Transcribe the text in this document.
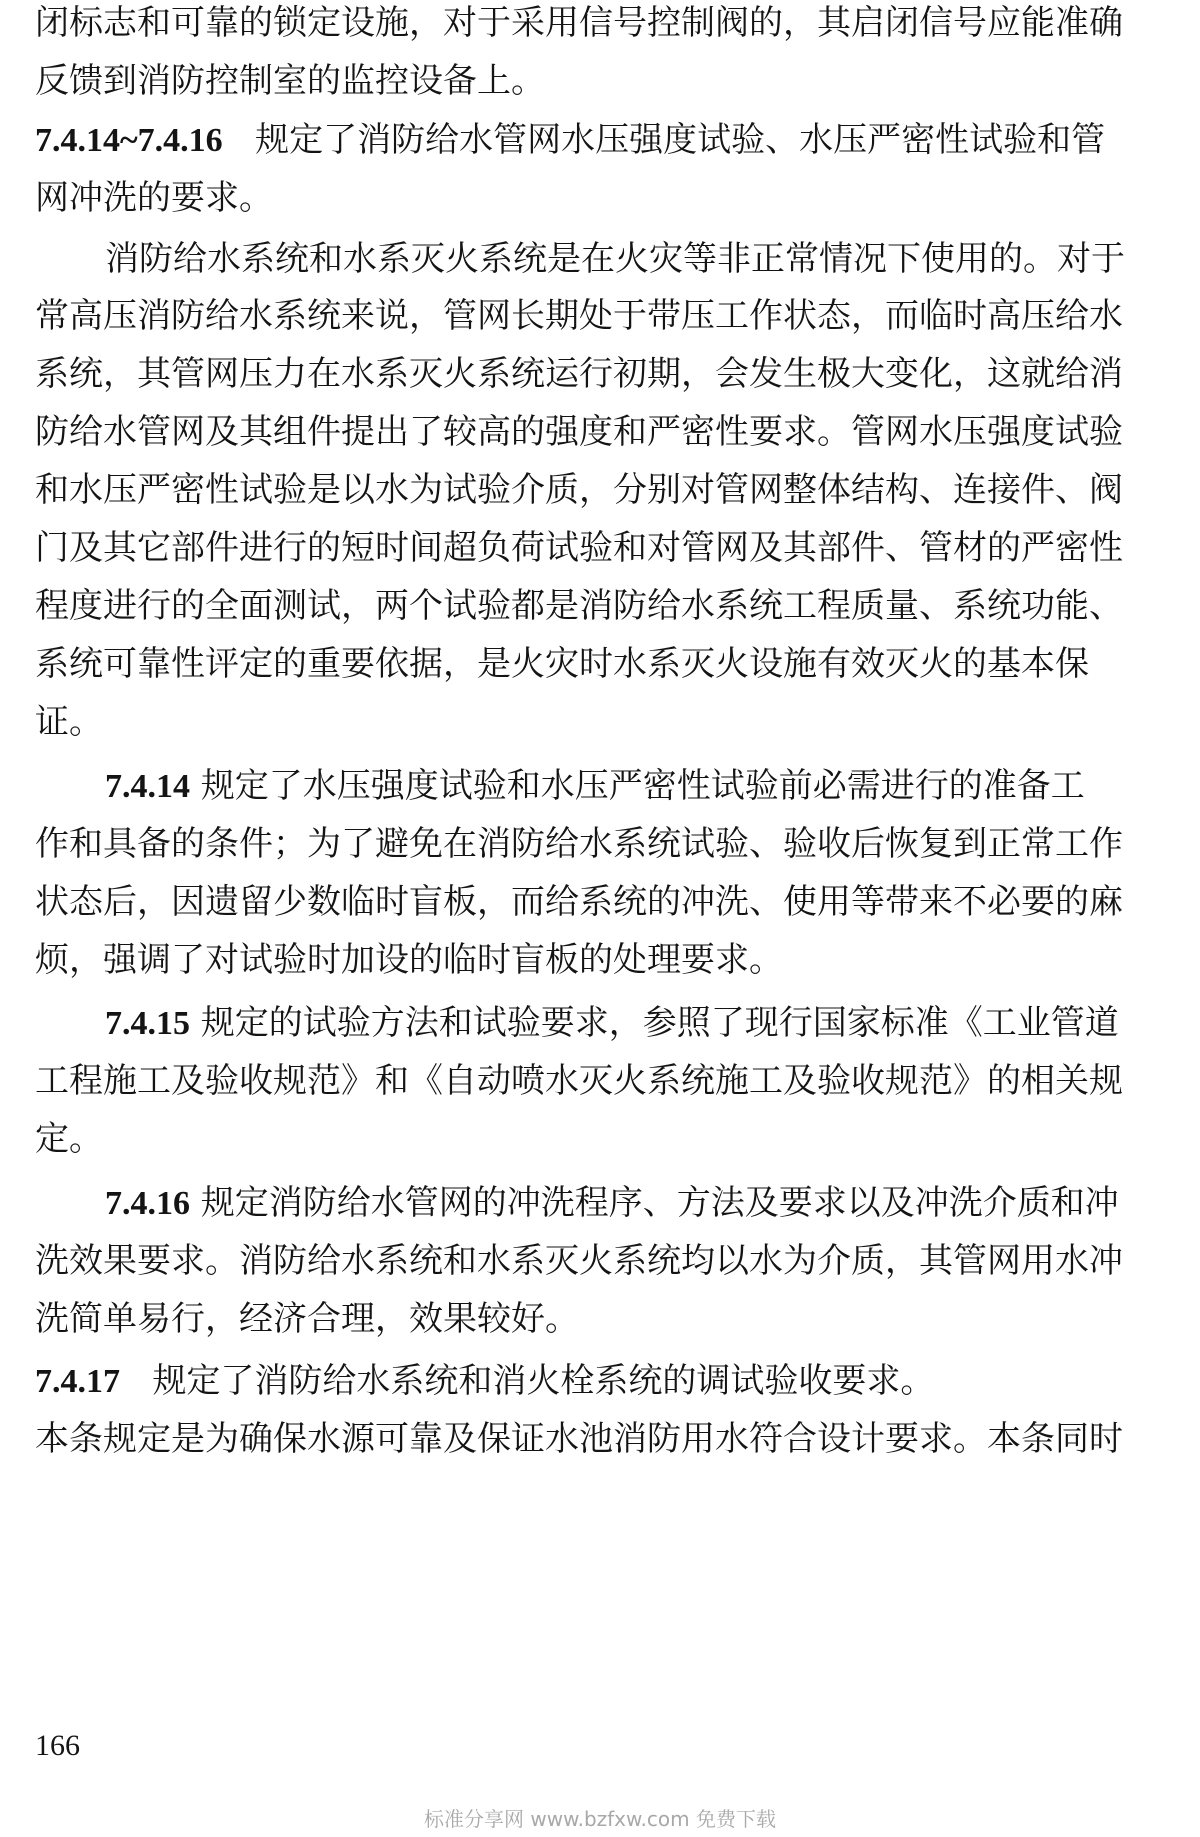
闭标志和可靠的锁定设施，对于采用信号控制阀的，其启闭信号应能准确
反馈到消防控制室的监控设备上。
7.4.14~7.4.16 规定了消防给水管网水压强度试验、水压严密性试验和管
网冲洗的要求。
消防给水系统和水系灭火系统是在火灾等非正常情况下使用的。对于
常高压消防给水系统来说，管网长期处于带压工作状态，而临时高压给水
系统，其管网压力在水系灭火系统运行初期，会发生极大变化，这就给消
防给水管网及其组件提出了较高的强度和严密性要求。管网水压强度试验
和水压严密性试验是以水为试验介质，分别对管网整体结构、连接件、阀
门及其它部件进行的短时间超负荷试验和对管网及其部件、管材的严密性
程度进行的全面测试，两个试验都是消防给水系统工程质量、系统功能、
系统可靠性评定的重要依据，是火灾时水系灭火设施有效灭火的基本保
证。
7.4.14 规定了水压强度试验和水压严密性试验前必需进行的准备工
作和具备的条件；为了避免在消防给水系统试验、验收后恢复到正常工作
状态后，因遗留少数临时盲板，而给系统的冲洗、使用等带来不必要的麻
烦，强调了对试验时加设的临时盲板的处理要求。
7.4.15 规定的试验方法和试验要求，参照了现行国家标准《工业管道
工程施工及验收规范》和《自动喷水灭火系统施工及验收规范》的相关规
定。
7.4.16 规定消防给水管网的冲洗程序、方法及要求以及冲洗介质和冲
洗效果要求。消防给水系统和水系灭火系统均以水为介质，其管网用水冲
洗简单易行，经济合理，效果较好。
7.4.17 规定了消防给水系统和消火栓系统的调试验收要求。
本条规定是为确保水源可靠及保证水池消防用水符合设计要求。本条同时
166
标准分享网 www.bzfxw.com 免费下载
